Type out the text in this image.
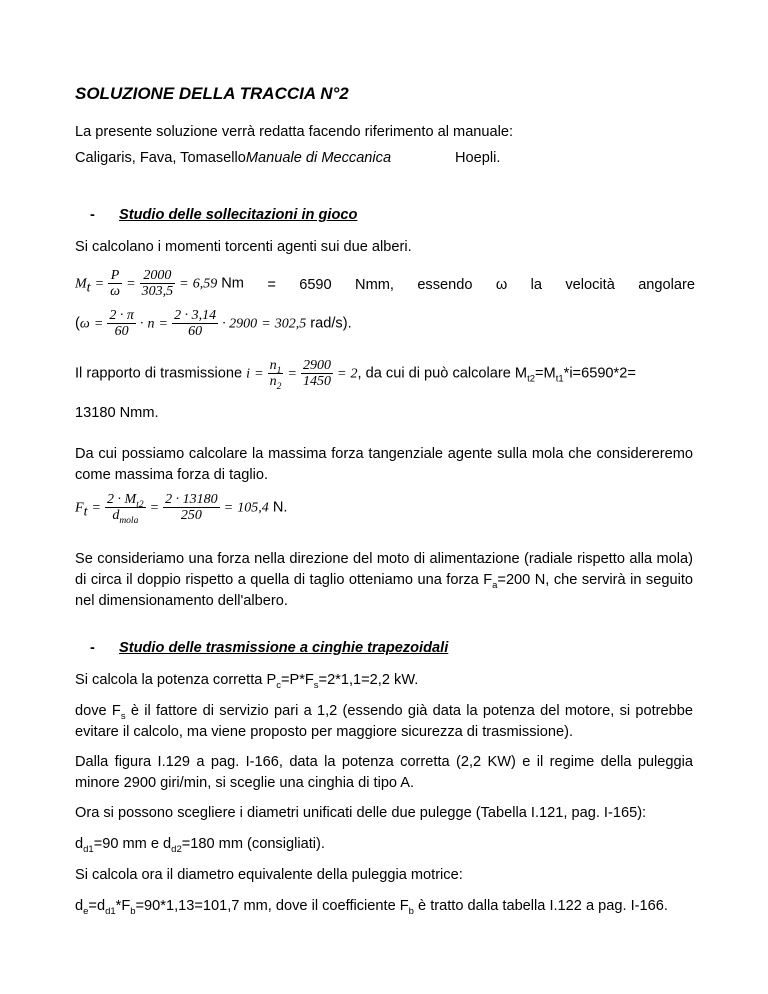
SOLUZIONE DELLA TRACCIA N°2
La presente soluzione verrà redatta facendo riferimento al manuale:
Caligaris, Fava, TomaselloManuale di Meccanica	Hoepli.
- Studio delle sollecitazioni in gioco
Si calcolano i momenti torcenti agenti sui due alberi.
$M_t = \frac{P}{\omega} = \frac{2000}{303,5} = 6,59$ Nm = 6590 Nmm, essendo ω la velocità angolare
($\omega = \frac{2 \cdot \pi}{60} \cdot n = \frac{2 \cdot 3,14}{60} \cdot 2900 = 302,5$ rad/s).
Il rapporto di trasmissione $i = \frac{n_1}{n_2} = \frac{2900}{1450} = 2$, da cui di può calcolare $M_{t2}=M_{t1}*i=6590*2=$
13180 Nmm.
Da cui possiamo calcolare la massima forza tangenziale agente sulla mola che considereremo come massima forza di taglio.
$F_t = \frac{2 \cdot M_{t2}}{d_{mola}} = \frac{2 \cdot 13180}{250} = 105,4$ N.
Se consideriamo una forza nella direzione del moto di alimentazione (radiale rispetto alla mola) di circa il doppio rispetto a quella di taglio otteniamo una forza $F_a=200$ N, che servirà in seguito nel dimensionamento dell'albero.
- Studio delle trasmissione a cinghie trapezoidali
Si calcola la potenza corretta $P_c=P*F_s=2*1,1=2,2$ kW.
dove $F_s$ è il fattore di servizio pari a 1,2 (essendo già data la potenza del motore, si potrebbe evitare il calcolo, ma viene proposto per maggiore sicurezza di trasmissione).
Dalla figura I.129 a pag. I-166, data la potenza corretta (2,2 KW) e il regime della puleggia minore 2900 giri/min, si sceglie una cinghia di tipo A.
Ora si possono scegliere i diametri unificati delle due pulegge (Tabella I.121, pag. I-165):
$d_{d1}=90$ mm e $d_{d2}=180$ mm (consigliati).
Si calcola ora il diametro equivalente della puleggia motrice:
$d_e=d_{d1}*F_b=90*1,13=101,7$ mm, dove il coefficiente $F_b$ è tratto dalla tabella I.122 a pag. I-166.
